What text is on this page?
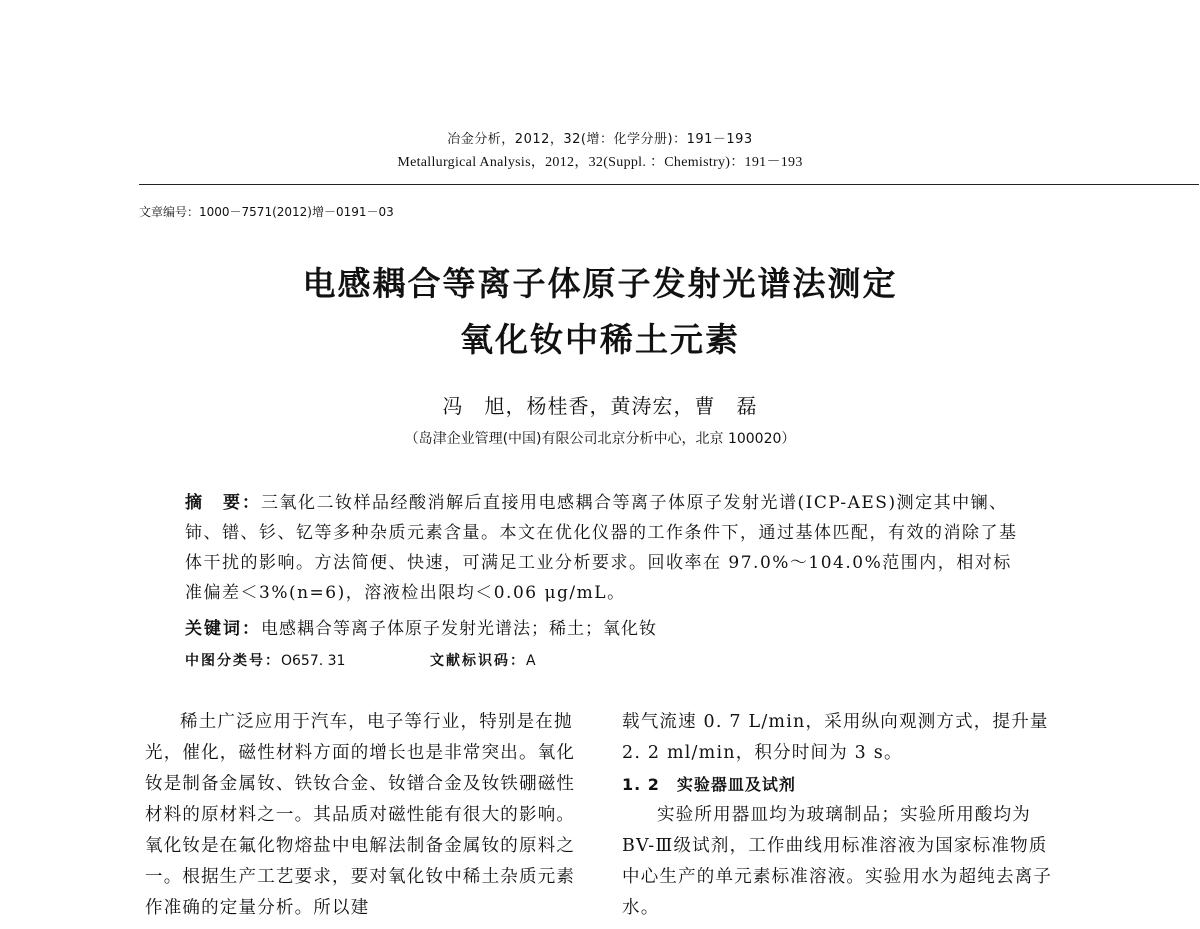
冶金分析，2012，32(增：化学分册)：191－193
Metallurgical Analysis，2012，32(Suppl. ：Chemistry)：191－193
文章编号：1000－7571(2012)增－0191－03
电感耦合等离子体原子发射光谱法测定
氧化钕中稀土元素
冯　旭，杨桂香，黄涛宏，曹　磊
（岛津企业管理(中国)有限公司北京分析中心，北京 100020）
摘　要：三氧化二钕样品经酸消解后直接用电感耦合等离子体原子发射光谱(ICP-AES)测定其中镧、铈、镨、钐、钇等多种杂质元素含量。本文在优化仪器的工作条件下，通过基体匹配，有效的消除了基体干扰的影响。方法简便、快速，可满足工业分析要求。回收率在 97.0%～104.0%范围内，相对标准偏差＜3%(n=6)，溶液检出限均＜0.06 μg/mL。
关键词：电感耦合等离子体原子发射光谱法；稀土；氧化钕
中图分类号：O657. 31	文献标识码：A

稀土广泛应用于汽车，电子等行业，特别是在抛光，催化，磁性材料方面的增长也是非常突出。氧化钕是制备金属钕、铁钕合金、钕镨合金及钕铁硼磁性材料的原材料之一。其品质对磁性能有很大的影响。氧化钕是在氟化物熔盐中电解法制备金属钕的原料之一。根据生产工艺要求，要对氧化钕中稀土杂质元素作准确的定量分析。所以建

载气流速 0. 7 L/min，采用纵向观测方式，提升量 2. 2 ml/min，积分时间为 3 s。

1. 2　实验器皿及试剂

实验所用器皿均为玻璃制品；实验所用酸均为 BV-Ⅲ级试剂，工作曲线用标准溶液为国家标准物质中心生产的单元素标准溶液。实验用水为超纯去离子水。
